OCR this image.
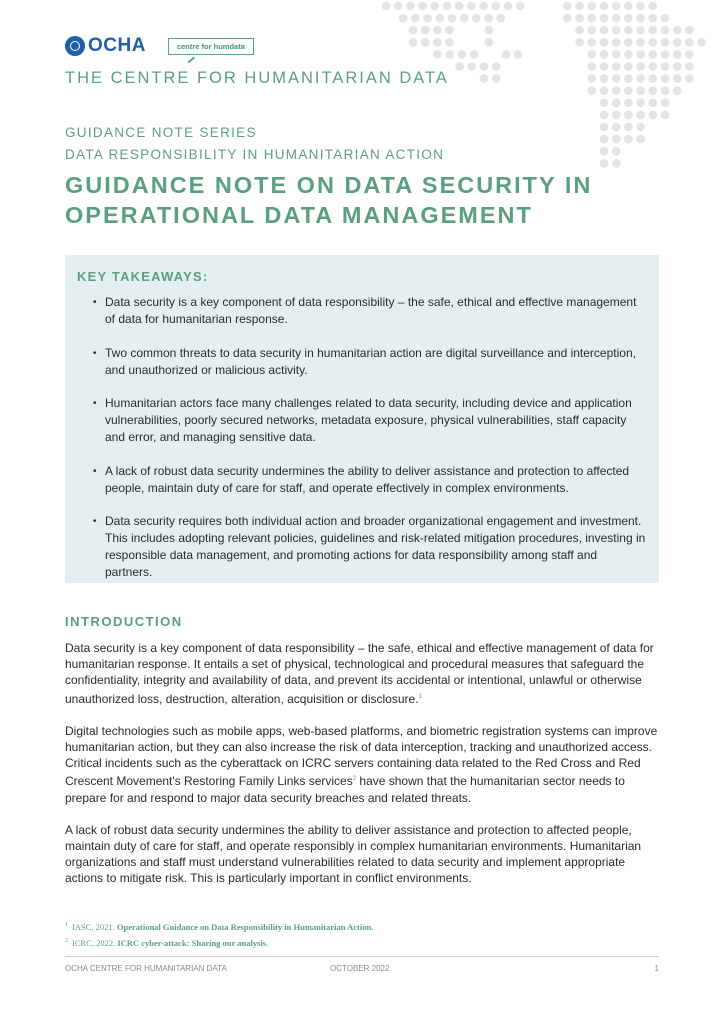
OCHA	centre for humdata
THE CENTRE FOR HUMANITARIAN DATA
GUIDANCE NOTE SERIES
DATA RESPONSIBILITY IN HUMANITARIAN ACTION
GUIDANCE NOTE ON DATA SECURITY IN
OPERATIONAL DATA MANAGEMENT
KEY TAKEAWAYS:
• Data security is a key component of data responsibility – the safe, ethical and effective management of data for humanitarian response.
• Two common threats to data security in humanitarian action are digital surveillance and interception, and unauthorized or malicious activity.
• Humanitarian actors face many challenges related to data security, including device and application vulnerabilities, poorly secured networks, metadata exposure, physical vulnerabilities, staff capacity and error, and managing sensitive data.
• A lack of robust data security undermines the ability to deliver assistance and protection to affected people, maintain duty of care for staff, and operate effectively in complex environments.
• Data security requires both individual action and broader organizational engagement and investment. This includes adopting relevant policies, guidelines and risk-related mitigation procedures, investing in responsible data management, and promoting actions for data responsibility among staff and partners.
INTRODUCTION

Data security is a key component of data responsibility – the safe, ethical and effective management of data for humanitarian response. It entails a set of physical, technological and procedural measures that safeguard the confidentiality, integrity and availability of data, and prevent its accidental or intentional, unlawful or otherwise unauthorized loss, destruction, alteration, acquisition or disclosure.$^1$

Digital technologies such as mobile apps, web-based platforms, and biometric registration systems can improve humanitarian action, but they can also increase the risk of data interception, tracking and unauthorized access. Critical incidents such as the cyberattack on ICRC servers containing data related to the Red Cross and Red Crescent Movement's Restoring Family Links services$^2$ have shown that the humanitarian sector needs to prepare for and respond to major data security breaches and related threats.

A lack of robust data security undermines the ability to deliver assistance and protection to affected people, maintain duty of care for staff, and operate responsibly in complex humanitarian environments. Humanitarian organizations and staff must understand vulnerabilities related to data security and implement appropriate actions to mitigate risk. This is particularly important in conflict environments.

$^1$ IASC, 2021. Operational Guidance on Data Responsibility in Humanitarian Action.
$^2$ ICRC, 2022. ICRC cyber-attack: Sharing our analysis.
OCHA CENTRE FOR HUMANITARIAN DATA	OCTOBER 2022	1
